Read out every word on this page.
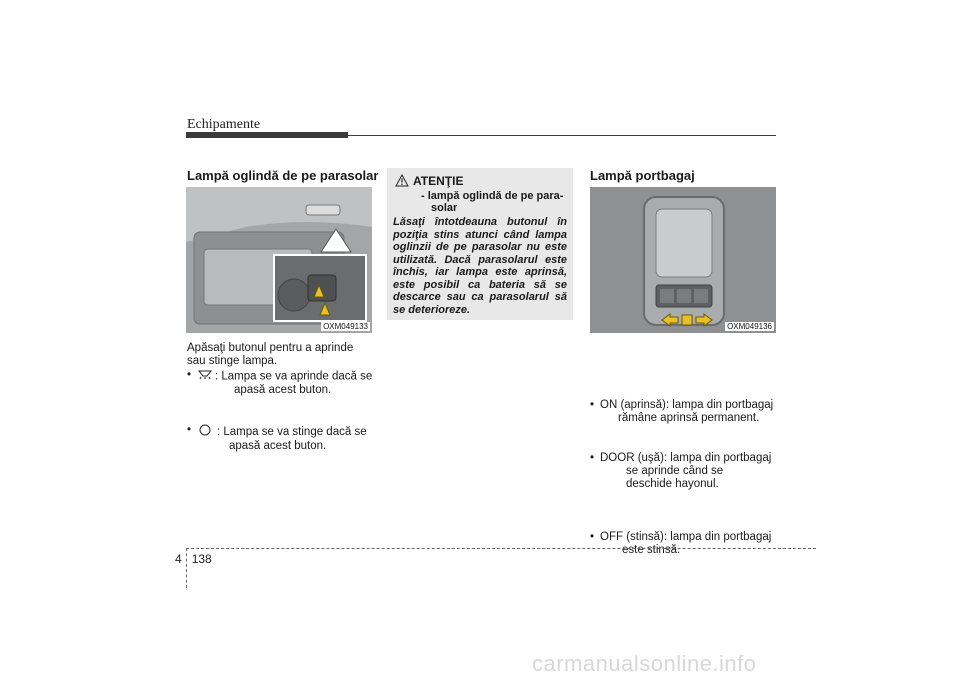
Echipamente
Lampă oglindă de pe parasolar
OXM049133

Apăsaţi butonul pentru a aprinde sau stinge lampa.

• : Lampa se va aprinde dacă se
apasă acest buton.
• : Lampa se va stinge dacă se
apasă acest buton.
ATENŢIE
- lampă oglindă de pe para-
solar
Lăsaţi întotdeauna butonul în poziţia stins atunci când lampa oglinzii de pe parasolar nu este utilizată. Dacă parasolarul este închis, iar lampa este aprinsă, este posibil ca bateria să se descarce sau ca parasolarul să se deterioreze.
Lampă portbagaj
OXM049136
• ON (aprinsă): lampa din portbagaj
rămâne aprinsă permanent.
• DOOR (uşă): lampa din portbagaj
se aprinde când se
deschide hayonul.
• OFF (stinsă): lampa din portbagaj
este stinsă.
4 138
carmanualsonline.info
